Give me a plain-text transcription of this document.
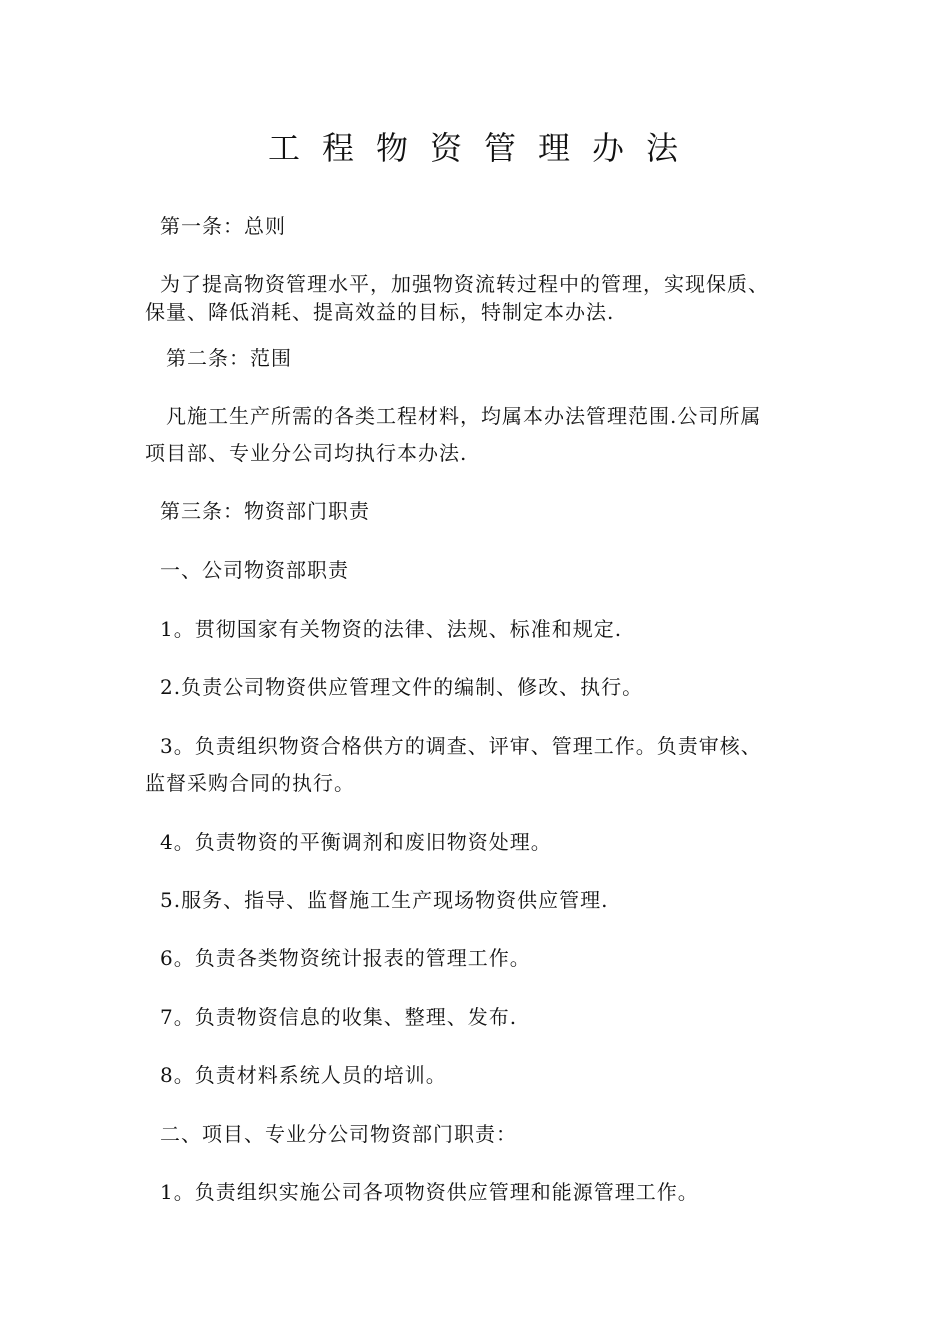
工程物资管理办法
第一条：总则
为了提高物资管理水平，加强物资流转过程中的管理，实现保质、
保量、降低消耗、提高效益的目标，特制定本办法.
第二条：范围
凡施工生产所需的各类工程材料，均属本办法管理范围.公司所属
项目部、专业分公司均执行本办法.
第三条：物资部门职责
一、公司物资部职责
1。贯彻国家有关物资的法律、法规、标准和规定.
2.负责公司物资供应管理文件的编制、修改、执行。
3。负责组织物资合格供方的调查、评审、管理工作。负责审核、
监督采购合同的执行。
4。负责物资的平衡调剂和废旧物资处理。
5.服务、指导、监督施工生产现场物资供应管理.
6。负责各类物资统计报表的管理工作。
7。负责物资信息的收集、整理、发布.
8。负责材料系统人员的培训。
二、项目、专业分公司物资部门职责：
1。负责组织实施公司各项物资供应管理和能源管理工作。
